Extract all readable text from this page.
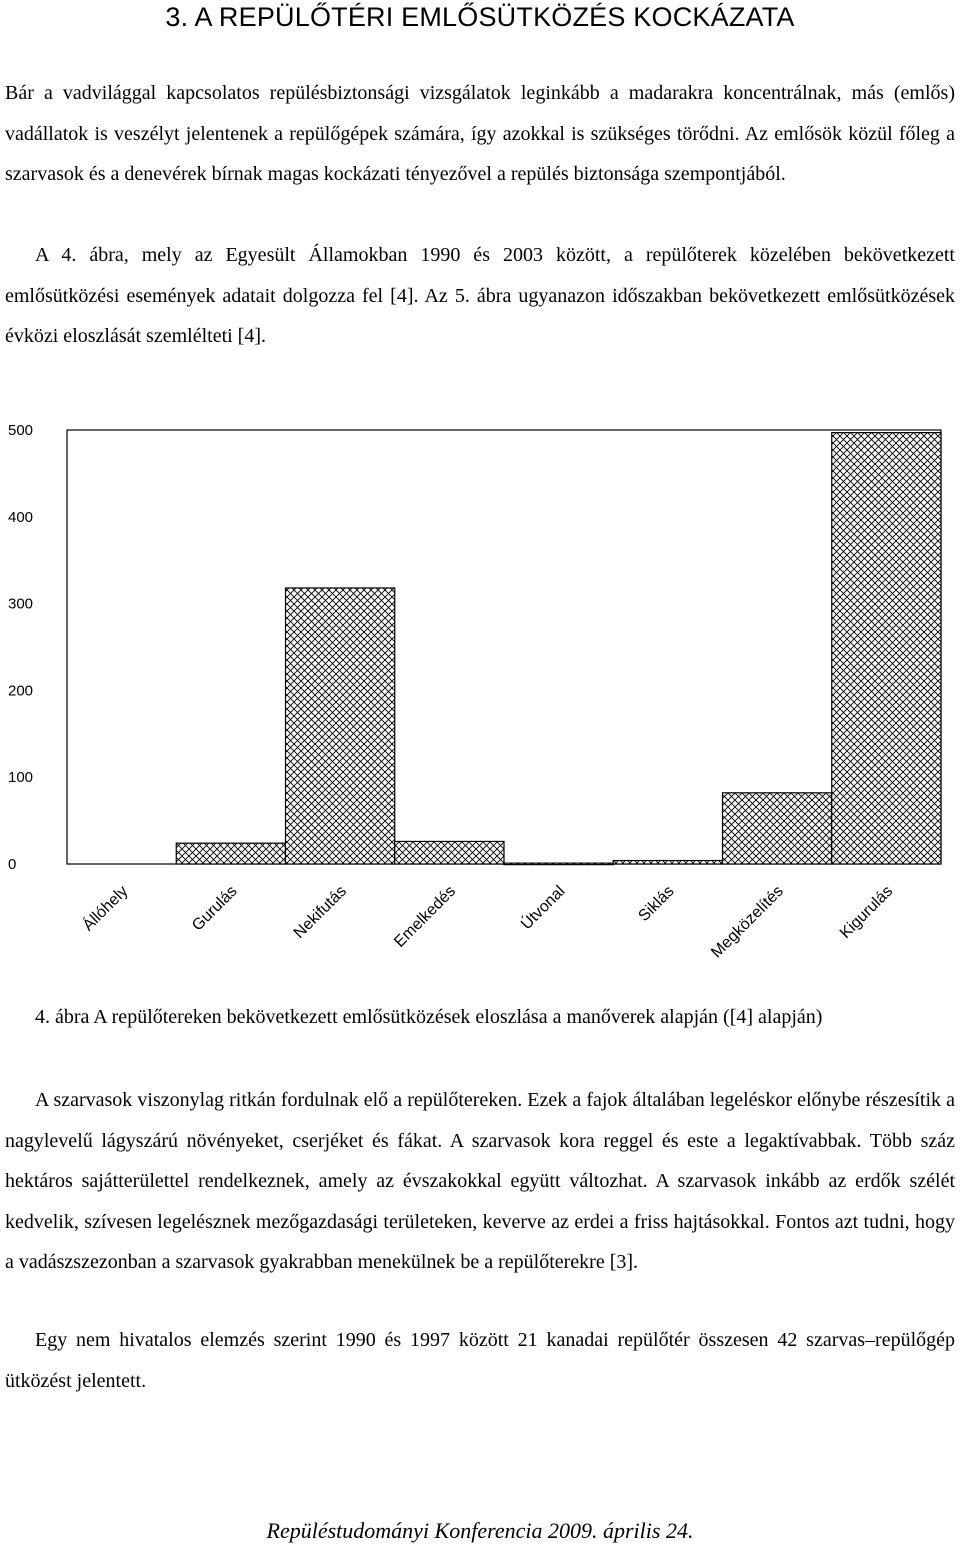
3. A REPÜLŐTÉRI EMLŐSÜTKÖZÉS KOCKÁZATA

Bár a vadvilággal kapcsolatos repülésbiztonsági vizsgálatok leginkább a madarakra koncentrálnak, más (emlős) vadállatok is veszélyt jelentenek a repülőgépek számára, így azokkal is szükséges törődni. Az emlősök közül főleg a szarvasok és a denevérek bírnak magas kockázati tényezővel a repülés biztonsága szempontjából.

A 4. ábra, mely az Egyesült Államokban 1990 és 2003 között, a repülőterek közelében bekövetkezett emlősütközési események adatait dolgozza fel [4]. Az 5. ábra ugyanazon időszakban bekövetkezett emlősütközések évközi eloszlását szemlélteti [4].

0
100
200
300
400
500
Állóhely	Gurulás	Nekifutás	Emelkedés	Útvonal	Siklás Megközelítés	Kigurulás
4. ábra A repülőtereken bekövetkezett emlősütközések eloszlása a manőverek alapján ([4] alapján)

A szarvasok viszonylag ritkán fordulnak elő a repülőtereken. Ezek a fajok általában legeléskor előnybe részesítik a nagylevelű lágyszárú növényeket, cserjéket és fákat. A szarvasok kora reggel és este a legaktívabbak. Több száz hektáros sajátterülettel rendelkeznek, amely az évszakokkal együtt változhat. A szarvasok inkább az erdők szélét kedvelik, szívesen legelésznek mezőgazdasági területeken, keverve az erdei a friss hajtásokkal. Fontos azt tudni, hogy a vadászszezonban a szarvasok gyakrabban menekülnek be a repülőterekre [3].

Egy nem hivatalos elemzés szerint 1990 és 1997 között 21 kanadai repülőtér összesen 42 szarvas–repülőgép ütközést jelentett.

Repüléstudományi Konferencia 2009. április 24.
